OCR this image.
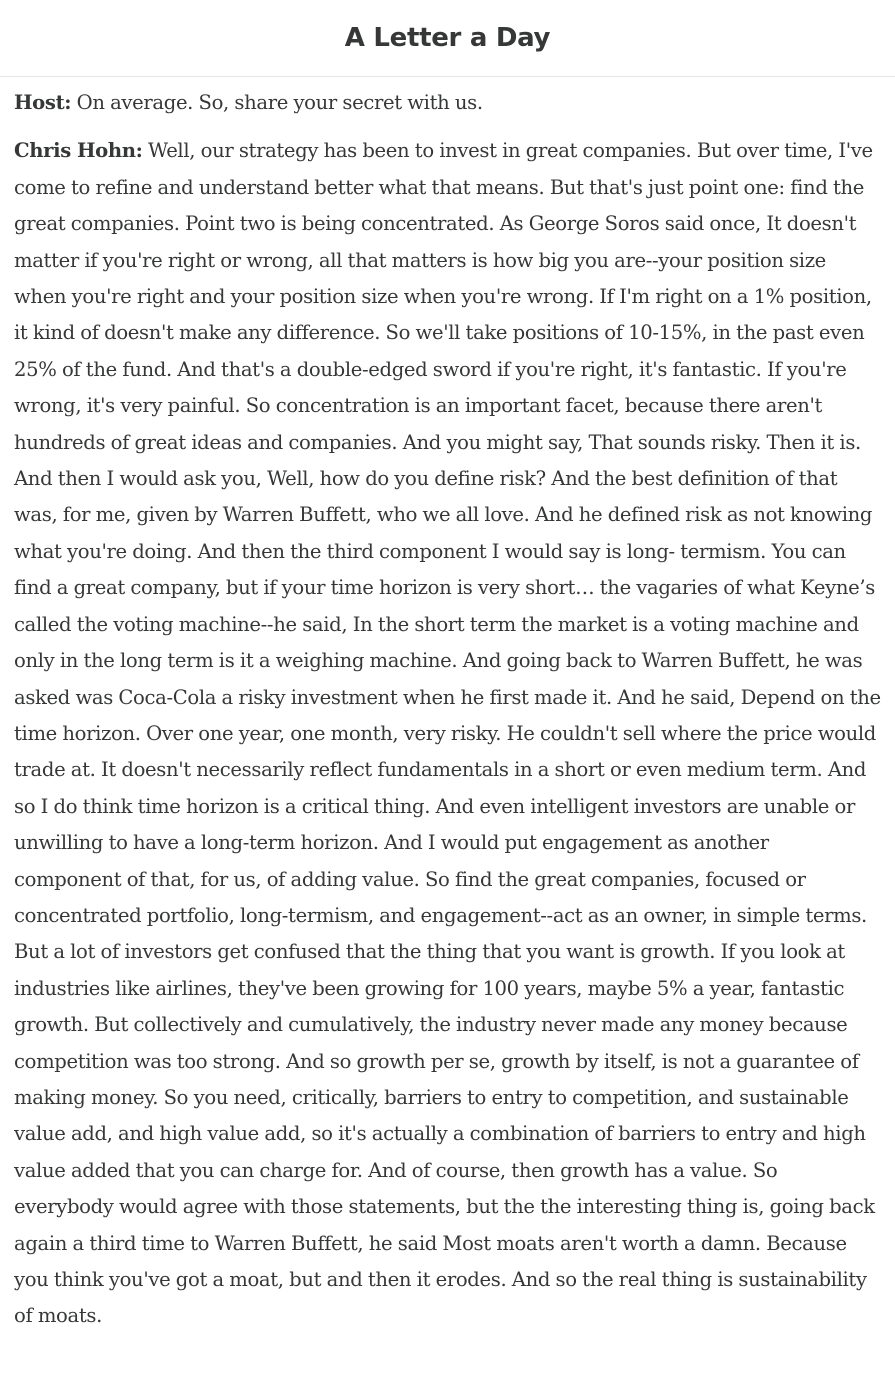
A Letter a Day

Host: On average. So, share your secret with us.

Chris Hohn: Well, our strategy has been to invest in great companies. But over time, I've come to refine and understand better what that means. But that's just point one: find the great companies. Point two is being concentrated. As George Soros said once, It doesn't matter if you're right or wrong, all that matters is how big you are--your position size when you're right and your position size when you're wrong. If I'm right on a 1% position, it kind of doesn't make any difference. So we'll take positions of 10-15%, in the past even 25% of the fund. And that's a double-edged sword if you're right, it's fantastic. If you're wrong, it's very painful. So concentration is an important facet, because there aren't hundreds of great ideas and companies. And you might say, That sounds risky. Then it is. And then I would ask you, Well, how do you define risk? And the best definition of that was, for me, given by Warren Buffett, who we all love. And he defined risk as not knowing what you're doing. And then the third component I would say is long- termism. You can find a great company, but if your time horizon is very short… the vagaries of what Keyne’s called the voting machine--he said, In the short term the market is a voting machine and only in the long term is it a weighing machine. And going back to Warren Buffett, he was asked was Coca-Cola a risky investment when he first made it. And he said, Depend on the time horizon. Over one year, one month, very risky. He couldn't sell where the price would trade at. It doesn't necessarily reflect fundamentals in a short or even medium term. And so I do think time horizon is a critical thing. And even intelligent investors are unable or unwilling to have a long-term horizon. And I would put engagement as another component of that, for us, of adding value. So find the great companies, focused or concentrated portfolio, long-termism, and engagement--act as an owner, in simple terms. But a lot of investors get confused that the thing that you want is growth. If you look at industries like airlines, they've been growing for 100 years, maybe 5% a year, fantastic growth. But collectively and cumulatively, the industry never made any money because competition was too strong. And so growth per se, growth by itself, is not a guarantee of making money. So you need, critically, barriers to entry to competition, and sustainable value add, and high value add, so it's actually a combination of barriers to entry and high value added that you can charge for. And of course, then growth has a value. So everybody would agree with those statements, but the the interesting thing is, going back again a third time to Warren Buffett, he said Most moats aren't worth a damn. Because you think you've got a moat, but and then it erodes. And so the real thing is sustainability of moats.
